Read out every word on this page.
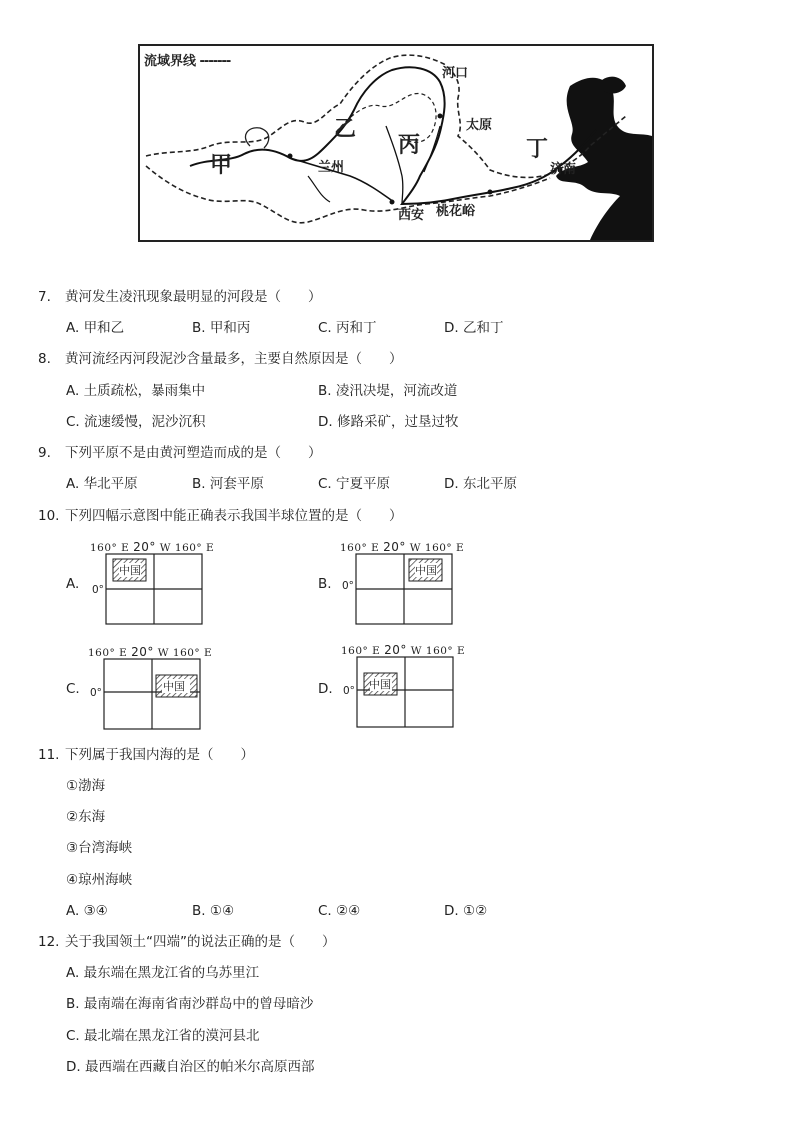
流域界线 -------
河口
太原
兰州
西安 桃花峪
济南
甲
乙
丙	丁
7. 黄河发生凌汛现象最明显的河段是（　　）
A. 甲和乙	B. 甲和丙	C. 丙和丁	D. 乙和丁
8. 黄河流经丙河段泥沙含量最多，主要自然原因是（　　）
A. 土质疏松，暴雨集中	B. 凌汛决堤，河流改道
C. 流速缓慢，泥沙沉积	D. 修路采矿，过垦过牧
9. 下列平原不是由黄河塑造而成的是（　　）
A. 华北平原	B. 河套平原	C. 宁夏平原	D. 东北平原
10. 下列四幅示意图中能正确表示我国半球位置的是（　　）
A.
160° E 20° W 160° E
中国
0°	B.
160° E 20° W 160° E
中国
0°
C.
160° E 20° W 160° E
中国
0°	D.
160° E 20° W 160° E
中国
0°
11. 下列属于我国内海的是（　　）
①渤海
②东海
③台湾海峡
④琼州海峡
A. ③④	B. ①④	C. ②④	D. ①②
12. 关于我国领土“四端”的说法正确的是（　　）
A. 最东端在黑龙江省的乌苏里江
B. 最南端在海南省南沙群岛中的曾母暗沙
C. 最北端在黑龙江省的漠河县北
D. 最西端在西藏自治区的帕米尔高原西部
